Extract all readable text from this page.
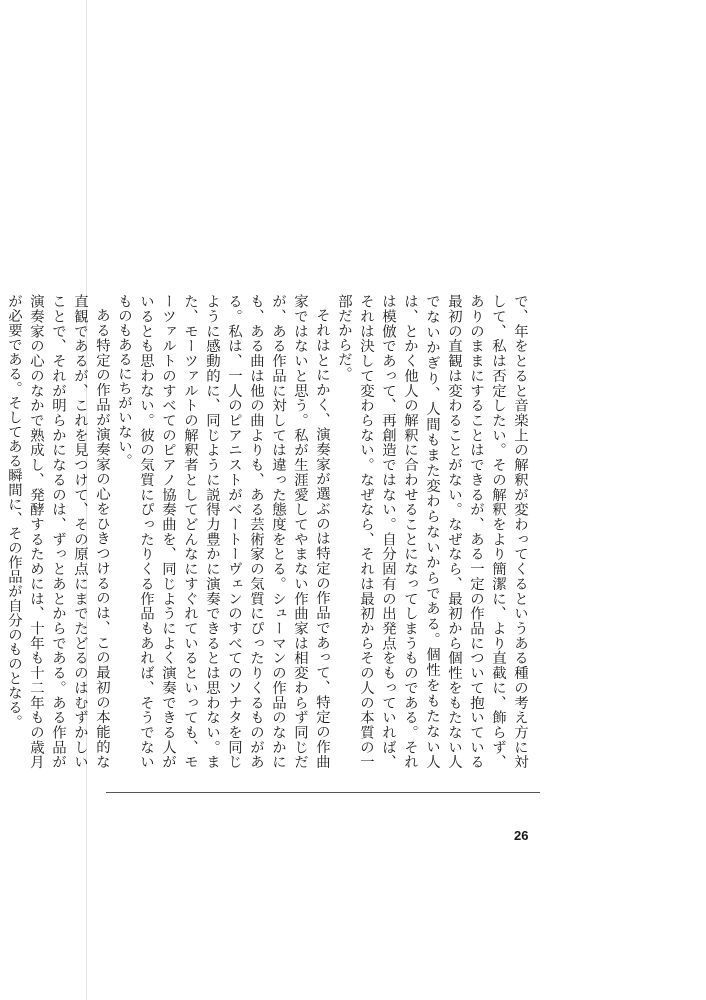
で、年をとると音楽上の解釈が変わってくるというある種の考え方に対して、私は否定したい。その解釈をより簡潔に、より直截に、飾らず、ありのままにすることはできるが、ある一定の作品について抱いている最初の直観は変わることがない。なぜなら、最初から個性をもたない人でないかぎり、人間もまた変わらないからである。個性をもたない人は、とかく他人の解釈に合わせることになってしまうものである。それは模倣であって、再創造ではない。自分固有の出発点をもっていれば、それは決して変わらない。なぜなら、それは最初からその人の本質の一部だからだ。

それはとにかく、演奏家が選ぶのは特定の作品であって、特定の作曲家ではないと思う。私が生涯愛してやまない作曲家は相変わらず同じだが、ある作品に対しては違った態度をとる。シューマンの作品のなかにも、ある曲は他の曲よりも、ある芸術家の気質にぴったりくるものがある。私は、一人のピアニストがベートーヴェンのすべてのソナタを同じように感動的に、同じように説得力豊かに演奏できるとは思わない。また、モーツァルトの解釈者としてどんなにすぐれているといっても、モーツァルトのすべてのピアノ協奏曲を、同じようによく演奏できる人がいるとも思わない。彼の気質にぴったりくる作品もあれば、そうでないものもあるにちがいない。

ある特定の作品が演奏家の心をひきつけるのは、この最初の本能的な直観であるが、これを見つけて、その原点にまでたどるのはむずかしいことで、それが明らかになるのは、ずっとあとからである。ある作品が演奏家の心のなかで熟成し、発酵するためには、十年も十二年もの歳月が必要である。そしてある瞬間に、その作品が自分のものとなる。

26
